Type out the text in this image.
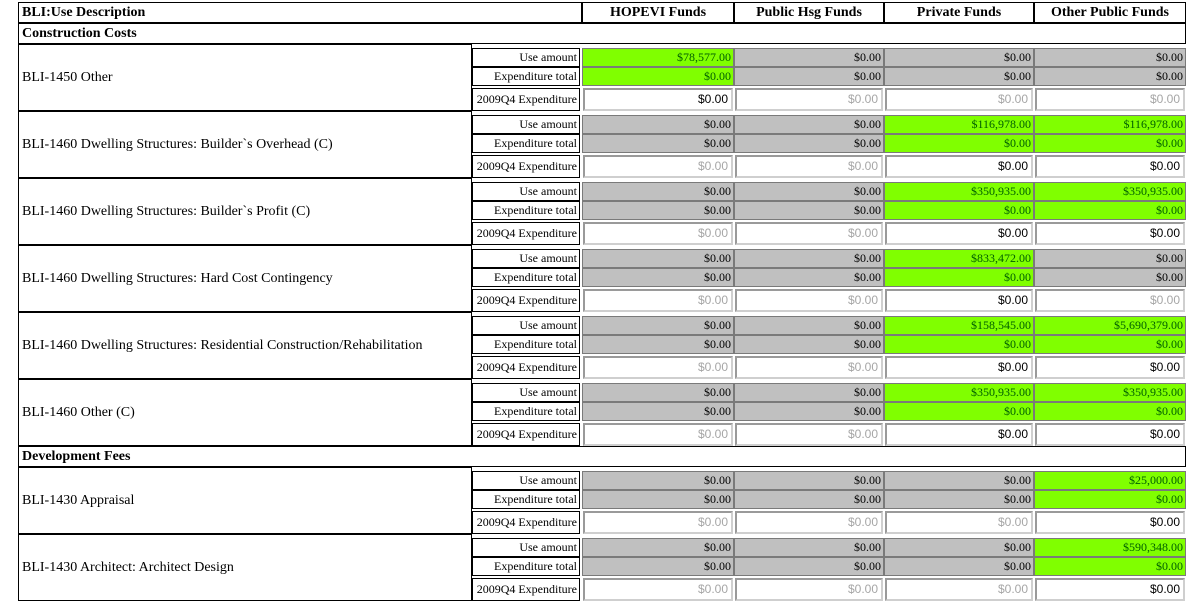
BLI:Use Description	HOPEVI Funds	Public Hsg Funds	Private Funds	Other Public Funds
Construction Costs
BLI-1450 Other
Use amount	$78,577.00	$0.00	$0.00	$0.00
Expenditure total	$0.00	$0.00	$0.00	$0.00
2009Q4 Expenditure	$0.00	$0.00	$0.00	$0.00
BLI-1460 Dwelling Structures: Builder`s Overhead (C)
Use amount	$0.00	$0.00	$116,978.00	$116,978.00
Expenditure total	$0.00	$0.00	$0.00	$0.00
2009Q4 Expenditure	$0.00	$0.00	$0.00	$0.00
BLI-1460 Dwelling Structures: Builder`s Profit (C)
Use amount	$0.00	$0.00	$350,935.00	$350,935.00
Expenditure total	$0.00	$0.00	$0.00	$0.00
2009Q4 Expenditure	$0.00	$0.00	$0.00	$0.00
BLI-1460 Dwelling Structures: Hard Cost Contingency
Use amount	$0.00	$0.00	$833,472.00	$0.00
Expenditure total	$0.00	$0.00	$0.00	$0.00
2009Q4 Expenditure	$0.00	$0.00	$0.00	$0.00
BLI-1460 Dwelling Structures: Residential Construction/Rehabilitation
Use amount	$0.00	$0.00	$158,545.00	$5,690,379.00
Expenditure total	$0.00	$0.00	$0.00	$0.00
2009Q4 Expenditure	$0.00	$0.00	$0.00	$0.00
BLI-1460 Other (C)
Use amount	$0.00	$0.00	$350,935.00	$350,935.00
Expenditure total	$0.00	$0.00	$0.00	$0.00
2009Q4 Expenditure	$0.00	$0.00	$0.00	$0.00
Development Fees
BLI-1430 Appraisal
Use amount	$0.00	$0.00	$0.00	$25,000.00
Expenditure total	$0.00	$0.00	$0.00	$0.00
2009Q4 Expenditure	$0.00	$0.00	$0.00	$0.00
BLI-1430 Architect: Architect Design
Use amount	$0.00	$0.00	$0.00	$590,348.00
Expenditure total	$0.00	$0.00	$0.00	$0.00
2009Q4 Expenditure	$0.00	$0.00	$0.00	$0.00
